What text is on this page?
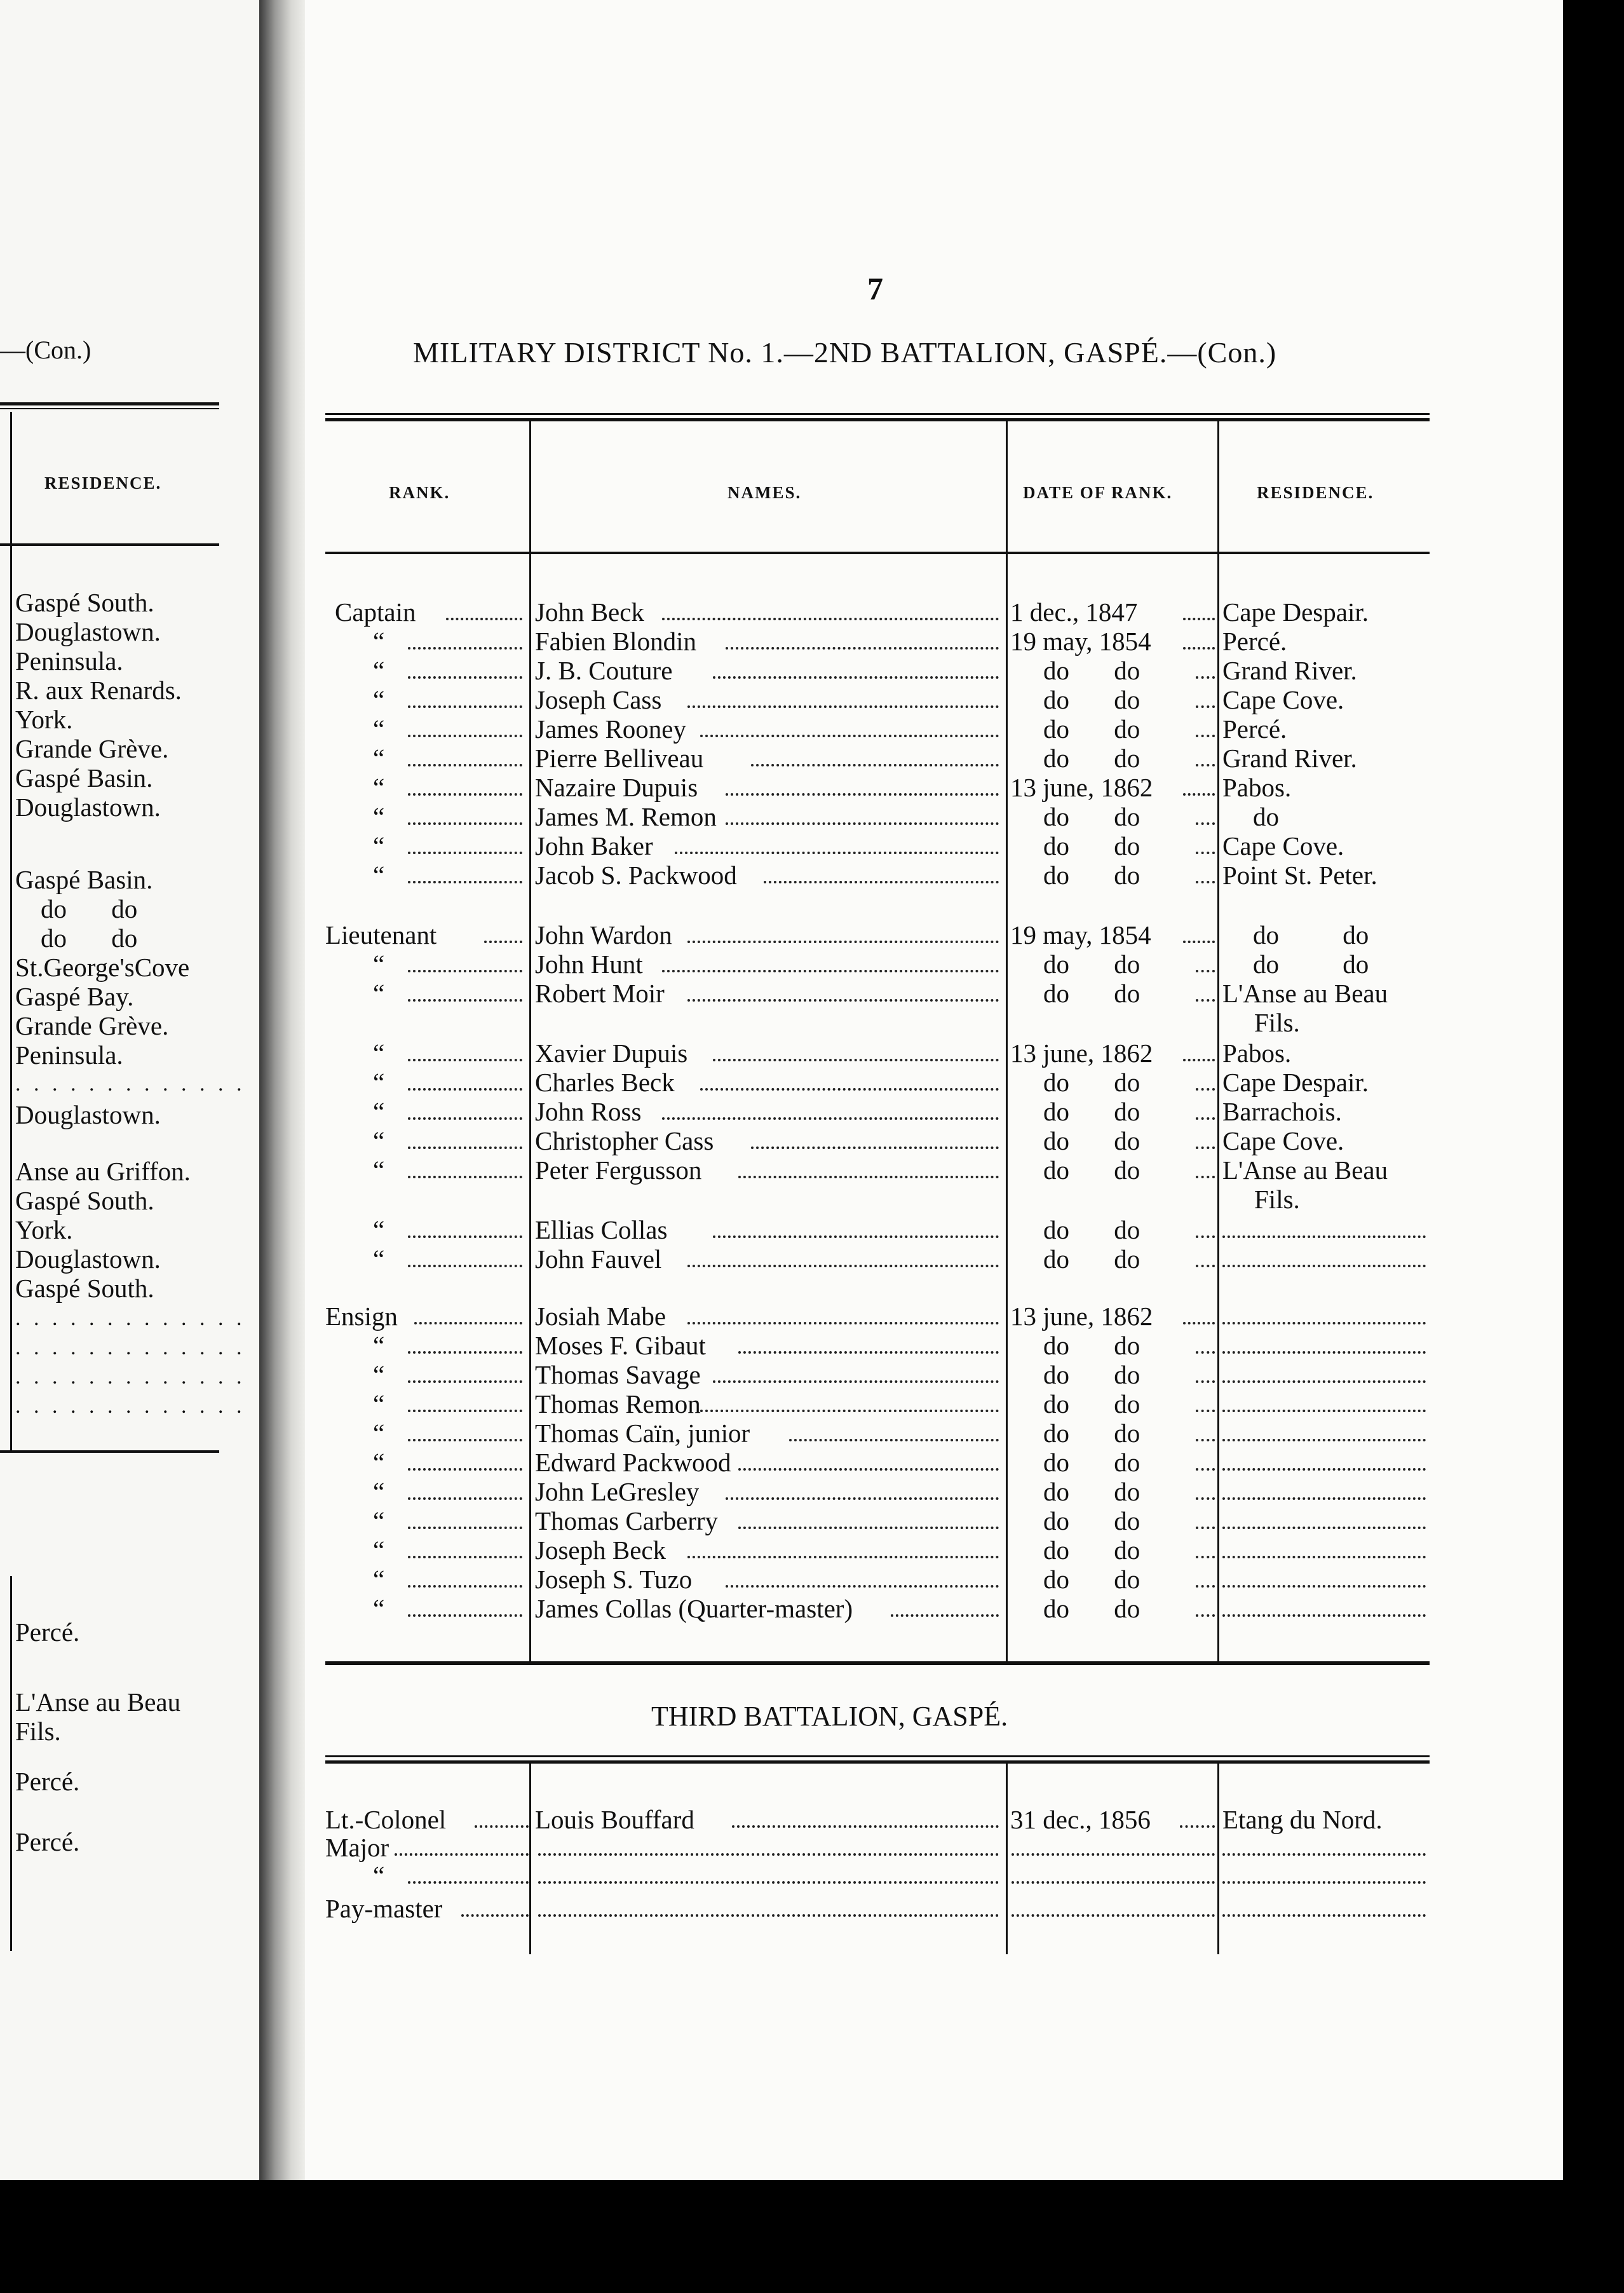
—(Con.)
RESIDENCE.
Gaspé South.
Douglastown.
Peninsula.
R. aux Renards.
York.
Grande Grève.
Gaspé Basin.
Douglastown.
Gaspé Basin.
do do
do do
St.George'sCove
Gaspé Bay.
Grande Grève.
Peninsula.
. . . . . . . . . . . . .
Douglastown.
Anse au Griffon.
Gaspé South.
York.
Douglastown.
Gaspé South.
. . . . . . . . . . . . .
. . . . . . . . . . . . .
. . . . . . . . . . . . .
. . . . . . . . . . . . .
Percé.
L'Anse au Beau Fils.
Percé.
Percé.
7
MILITARY DISTRICT No. 1.—2ND BATTALION, GASPÉ.—(Con.)
RANK.	NAMES.	DATE OF RANK.	RESIDENCE.
Captain	John Beck	1 dec., 1847	Cape Despair.
“	Fabien Blondin	19 may, 1854	Percé.
“	J. B. Couture	do do	Grand River.
“	Joseph Cass	do do	Cape Cove.
“	James Rooney	do do	Percé.
“	Pierre Belliveau	do do	Grand River.
“	Nazaire Dupuis	13 june, 1862	Pabos.
“	James M. Remon	do do	do
“	John Baker	do do	Cape Cove.
“	Jacob S. Packwood	do do	Point St. Peter.
Lieutenant	John Wardon	19 may, 1854	do do
“	John Hunt	do do	do do
“	Robert Moir	do do	L'Anse au Beau
Fils.
“	Xavier Dupuis	13 june, 1862	Pabos.
“	Charles Beck	do do	Cape Despair.
“	John Ross	do do	Barrachois.
“	Christopher Cass	do do	Cape Cove.
“	Peter Fergusson	do do	L'Anse au Beau
Fils.
“	Ellias Collas	do do
“	John Fauvel	do do
Ensign	Josiah Mabe	13 june, 1862
“	Moses F. Gibaut	do do
“	Thomas Savage	do do
“	Thomas Remon	do do
“	Thomas Caïn, junior	do do
“	Edward Packwood	do do
“	John LeGresley	do do
“	Thomas Carberry	do do
“	Joseph Beck	do do
“	Joseph S. Tuzo	do do
“	James Collas (Quarter-master)	do do
THIRD BATTALION, GASPÉ.
Lt.-Colonel	Louis Bouffard	31 dec., 1856	Etang du Nord.
Major
“
Pay-master
